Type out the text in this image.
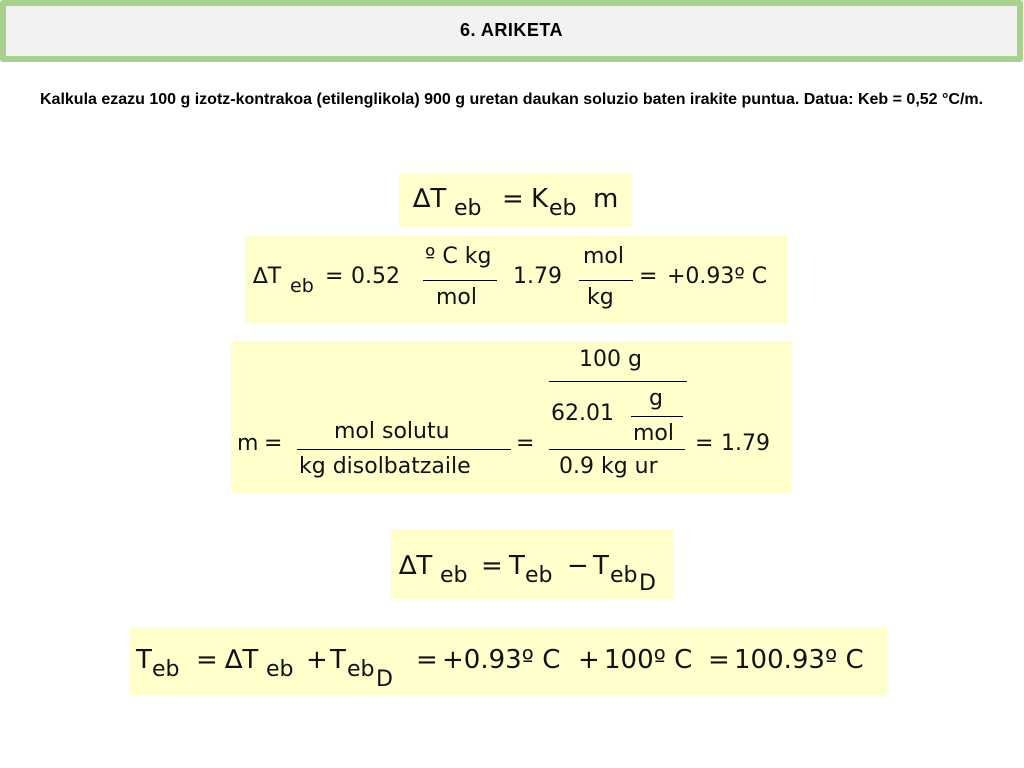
6. ARIKETA
Kalkula ezazu 100 g izotz-kontrakoa (etilenglikola) 900 g uretan daukan soluzio baten irakite puntua. Datua: Keb = 0,52 °C/m.
∆T eb = K eb m
∆T eb = 0.52
º C kg
mol
1.79
mol
kg
= +0.93º C
m = mol solutu
kg disolbatzaile
=
100 g
62.01
g
mol
0.9 kg ur
= 1.79
∆T eb = T eb − T eb D
T eb = ∆T eb + T eb D
= +0.93º C + 100º C = 100.93º C
